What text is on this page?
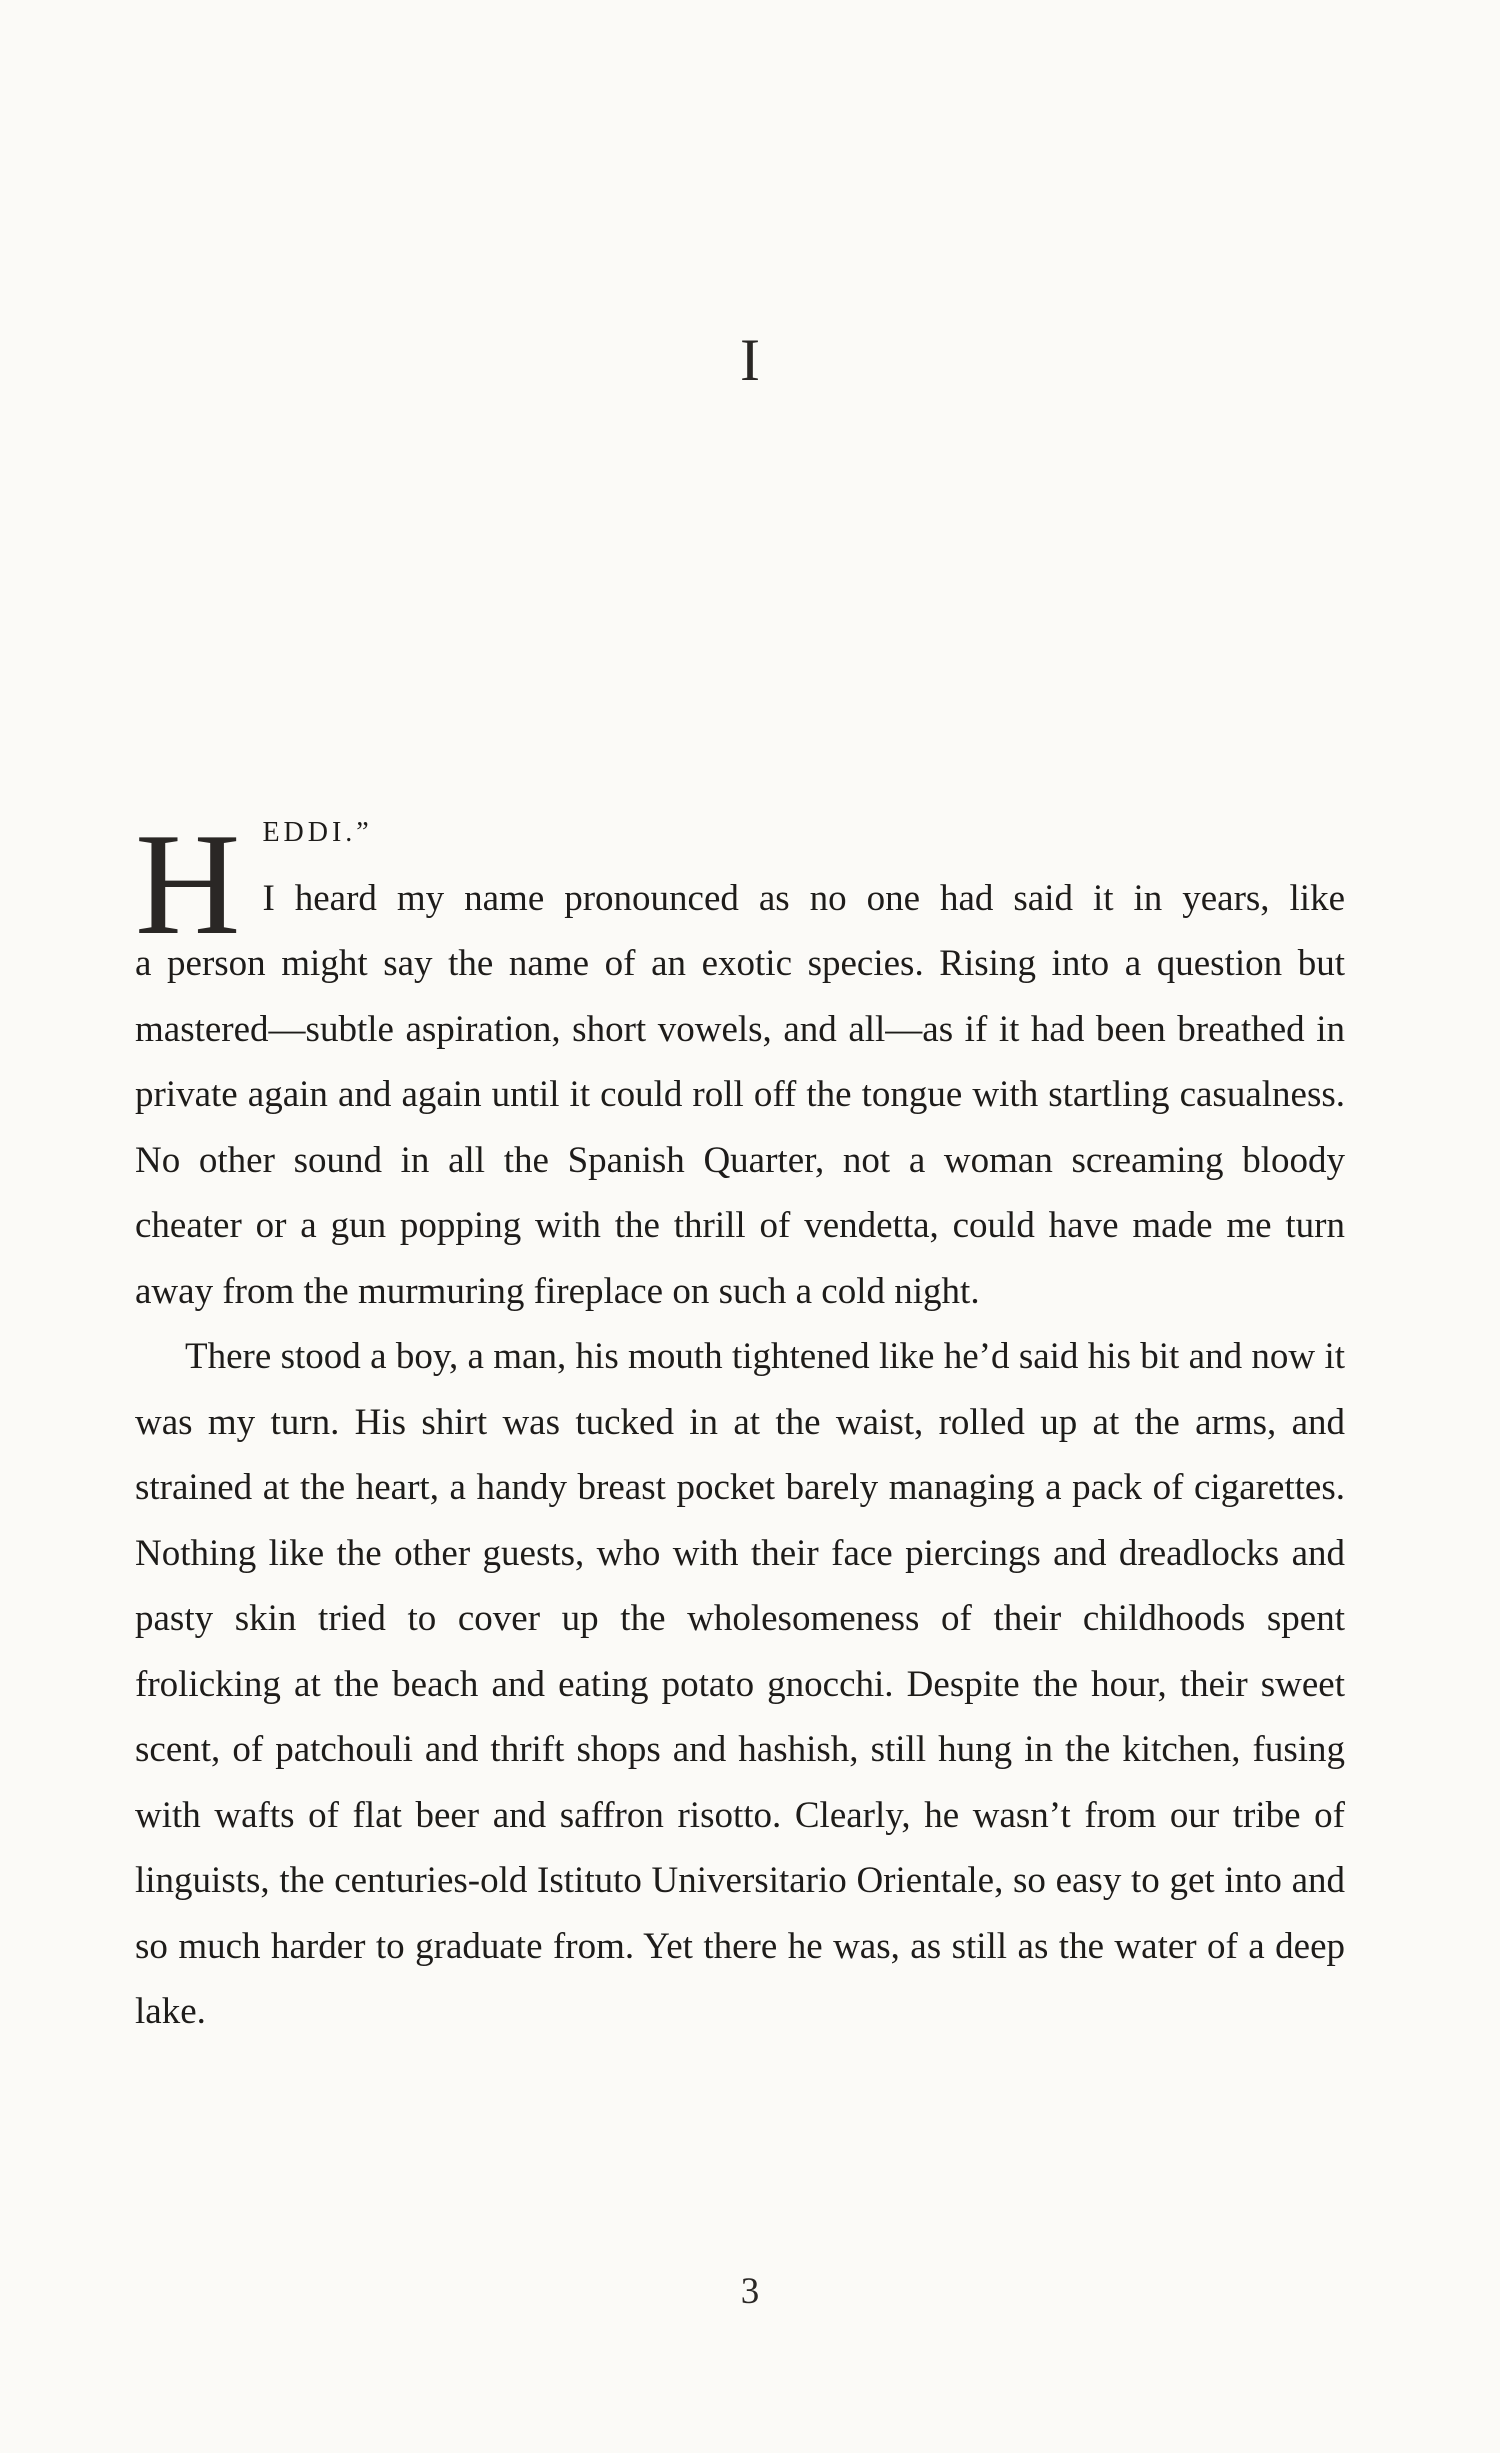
I
H EDDI.”
I heard my name pronounced as no one had said it in years, like

a person might say the name of an exotic species. Rising into a question but mastered—subtle aspiration, short vowels, and all—as if it had been breathed in private again and again until it could roll off the tongue with startling casualness. No other sound in all the Spanish Quarter, not a woman screaming bloody cheater or a gun popping with the thrill of vendetta, could have made me turn away from the murmuring fireplace on such a cold night.

There stood a boy, a man, his mouth tightened like he’d said his bit and now it was my turn. His shirt was tucked in at the waist, rolled up at the arms, and strained at the heart, a handy breast pocket barely managing a pack of cigarettes. Nothing like the other guests, who with their face piercings and dreadlocks and pasty skin tried to cover up the wholesomeness of their childhoods spent frolicking at the beach and eating potato gnocchi. Despite the hour, their sweet scent, of patchouli and thrift shops and hashish, still hung in the kitchen, fusing with wafts of flat beer and saffron risotto. Clearly, he wasn’t from our tribe of linguists, the centuries-old Istituto Universitario Orientale, so easy to get into and so much harder to graduate from. Yet there he was, as still as the water of a deep lake.

3
